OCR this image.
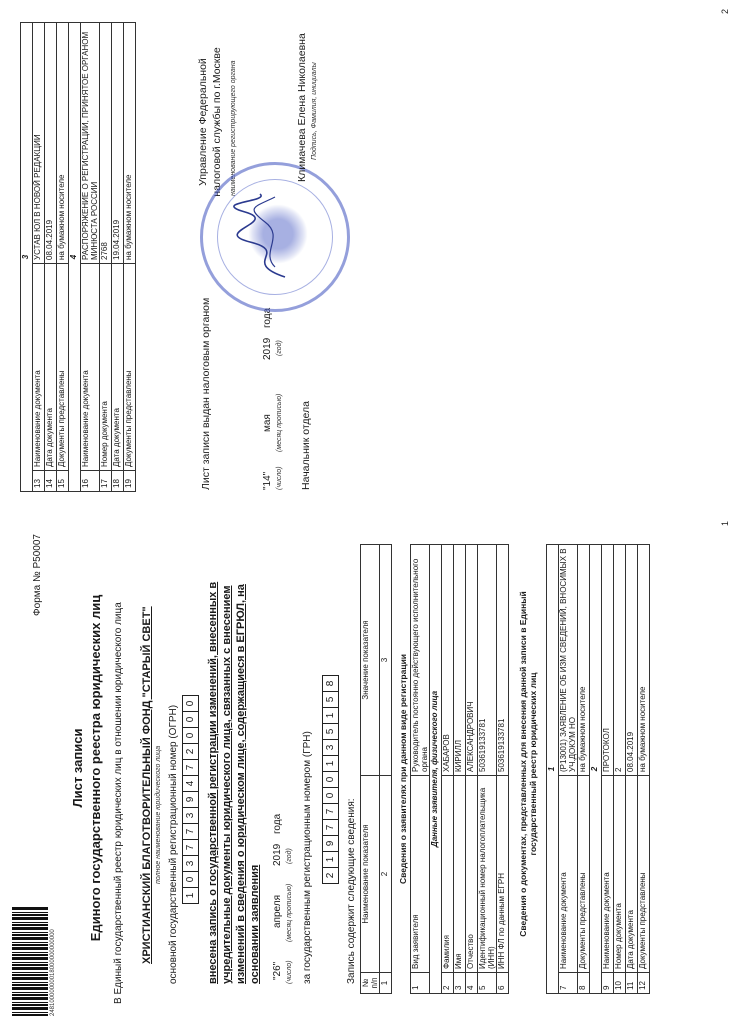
24810000000018000000000000
Форма № Р50007
Лист записи Единого государственного реестра юридических лиц В Единый государственный реестр юридических лиц в отношении юридического лица ХРИСТИАНСКИЙ БЛАГОТВОРИТЕЛЬНЫЙ ФОНД "СТАРЫЙ СВЕТ" полное наименование юридического лица основной государственный регистрационный номер (ОГРН) 1
0
3
7
7
3
9
4
7
2
0
0
0 внесена запись о государственной регистрации изменений, внесенных в учредительные документы юридического лица, связанных с внесением изменений в сведения о юридическом лице, содержащиеся в ЕГРЮЛ, на основании заявления "26"
апреля
2019
года
(число)
(месяц прописью)
(год) за государственным регистрационным номером (ГРН)	2
1
9
7
7
0
0
1
3
5
1
5
8
Запись содержит следующие сведения: № п/п	Наименование показателя	Значение показателя
1	2	3 Сведения о заявителях при данном виде регистрации
1	Вид заявителя	Руководитель постоянно действующего исполнительного органа
Данные заявителя, физического лица		
2	Фамилия	ХАБАРОВ
3	Имя	КИРИЛЛ
4	Отчество	АЛЕКСАНДРОВИЧ
5	Идентификационный номер налогоплательщика (ИНН)	503619133781
6	ИНН ФЛ по данным ЕГРН	503619133781 Сведения о документах, представленных для внесения данной записи в Единый государственный реестр юридических лиц 1		
7	Наименование документа	(Р13001) ЗАЯВЛЕНИЕ ОБ ИЗМ СВЕДЕНИЙ, ВНОСИМЫХ В УЧ.ДОКУМ НО
8	Документы представлены	на бумажном носителе
2		
9	Наименование документа	ПРОТОКОЛ
10	Номер документа	2
11	Дата документа	08.04.2019
12	Документы представлены	на бумажном носителе
1
3		
13	Наименование документа	УСТАВ ЮЛ В НОВОЙ РЕДАКЦИИ
14	Дата документа	08.04.2019
15	Документы представлены	на бумажном носителе
4		
16	Наименование документа	РАСПОРЯЖЕНИЕ О РЕГИСТРАЦИИ, ПРИНЯТОЕ ОРГАНОМ МИНЮСТА РОССИИ
17	Номер документа	2768
18	Дата документа	19.04.2019
19	Документы представлены	на бумажном носителе
Лист записи выдан налоговым органом
Управление Федеральной налоговой службы по г.Москве наименование регистрирующего органа
"14"
мая
2019
года
(число)
(месяц прописью)
(год)
Начальник отдела
Климачева Елена Николаевна Подпись, Фамилия, инициалы
2
